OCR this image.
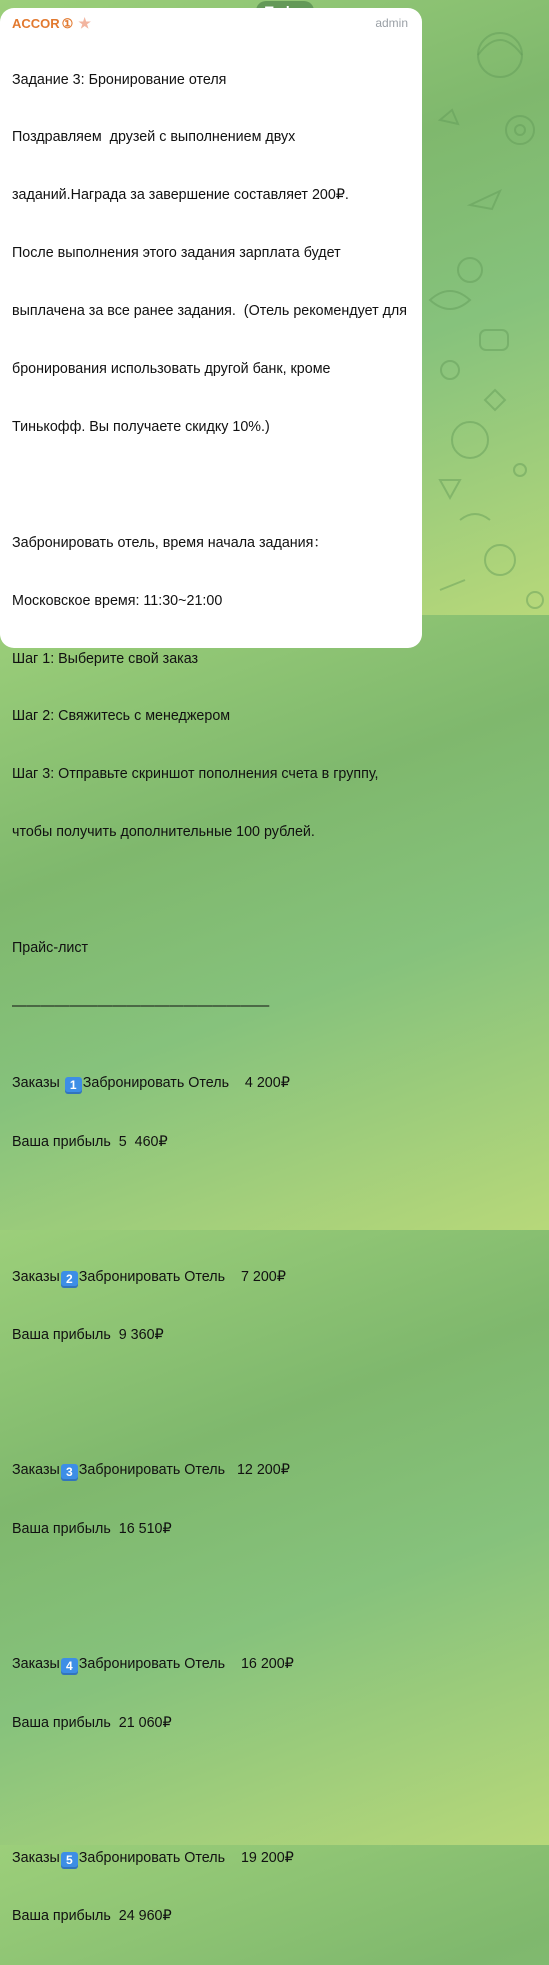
ACCOR ① ★	admin

Задание 3: Бронирование отеля

Поздравляем  друзей с выполнением двух

заданий.Награда за завершение составляет 200₽.

После выполнения этого задания зарплата будет

выплачена за все ранее задания.  (Отель рекомендует для

бронирования использовать другой банк, кроме

Тинькофф. Вы получаете скидку 10%.)

Забронировать отель, время начала задания：

Московское время: 11:30~21:00

Шаг 1: Выберите свой заказ

Шаг 2: Свяжитесь с менеджером

Шаг 3: Отправьте скриншот пополнения счета в группу,

чтобы получить дополнительные 100 рублей.

Прайс-лист

——————————————————

Заказы 1 Забронировать Отель    4 200₽

Ваша прибыль  5  460₽

Заказы 2 Забронировать Отель    7 200₽

Ваша прибыль  9 360₽

Заказы 3 Забронировать Отель   12 200₽

Ваша прибыль  16 510₽

Заказы 4 Забронировать Отель    16 200₽

Ваша прибыль  21 060₽

Заказы 5 Забронировать Отель    19 200₽

Ваша прибыль  24 960₽
